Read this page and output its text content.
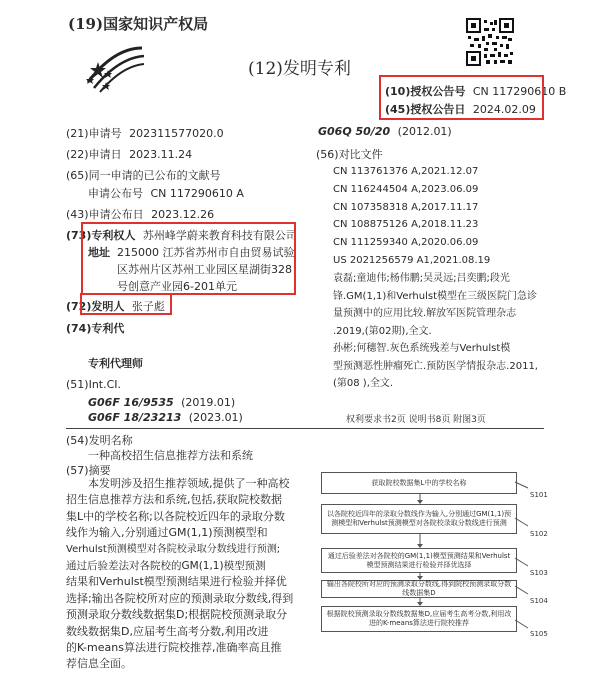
(19)国家知识产权局
(12)发明专利
(10)授权公告号 CN 117290610 B
(45)授权公告日 2024.02.09
(21)申请号 202311577020.0
(22)申请日 2023.11.24
(65)同一申请的已公布的文献号
申请公布号 CN 117290610 A
(43)申请公布日 2023.12.26
(73)专利权人 苏州峰学蔚来教育科技有限公司
地址 215000 江苏省苏州市自由贸易试验
区苏州片区苏州工业园区星湖街328
号创意产业园6-201单元
(72)发明人 张子彪
(74)专利代
专利代理师
(51)Int.CI.
G06F 16/9535 (2019.01)
G06F 18/23213 (2023.01)
G06Q 50/20 (2012.01)
(56)对比文件
CN 113761376 A,2021.12.07
CN 116244504 A,2023.06.09
CN 107358318 A,2017.11.17
CN 108875126 A,2018.11.23
CN 111259340 A,2020.06.09
US 2021256579 A1,2021.08.19
袁磊;童迪伟;杨伟鹏;吴灵远;吕奕鹏;段光
锋.GM(1,1)和Verhulst模型在三级医院门急诊
量预测中的应用比较.解放军医院管理杂志
.2019,(第02期),全文.
孙彬;何穗智.灰色系统残差与Verhulst模
型预测恶性肿瘤死亡.预防医学情报杂志.2011,
(第08 ),全文.
权利要求书2页 说明书8页 附图3页
(54)发明名称
一种高校招生信息推荐方法和系统
(57)摘要
本发明涉及招生推荐领域,提供了一种高校
招生信息推荐方法和系统,包括,获取院校数据
集L中的学校名称;以各院校近四年的录取分数
线作为输入,分别通过GM(1,1)预测模型和
Verhulst预测模型对各院校录取分数线进行预测;
通过后验差法对各院校的GM(1,1)模型预测
结果和Verhulst模型预测结果进行检验并择优
选择;输出各院校所对应的预测录取分数线,得到
预测录取分数线数据集D;根据院校预测录取分
数线数据集D,应届考生高考分数,利用改进
的K-means算法进行院校推荐,准确率高且推
荐信息全面。
获取院校数据集L中的学校名称
S101
以各院校近四年的录取分数线作为输入,分别通过GM(1,1)预测模型和Verhulst预测模型对各院校录取分数线进行预测
S102
通过后验差法对各院校的GM(1,1)模型预测结果和Verhulst模型预测结果进行检验并择优选择
S103
输出各院校所对应的预测录取分数线,得到院校预测录取分数线数据集D
S104
根据院校预测录取分数线数据集D,应届考生高考分数,利用改进的K-means算法进行院校推荐
S105
